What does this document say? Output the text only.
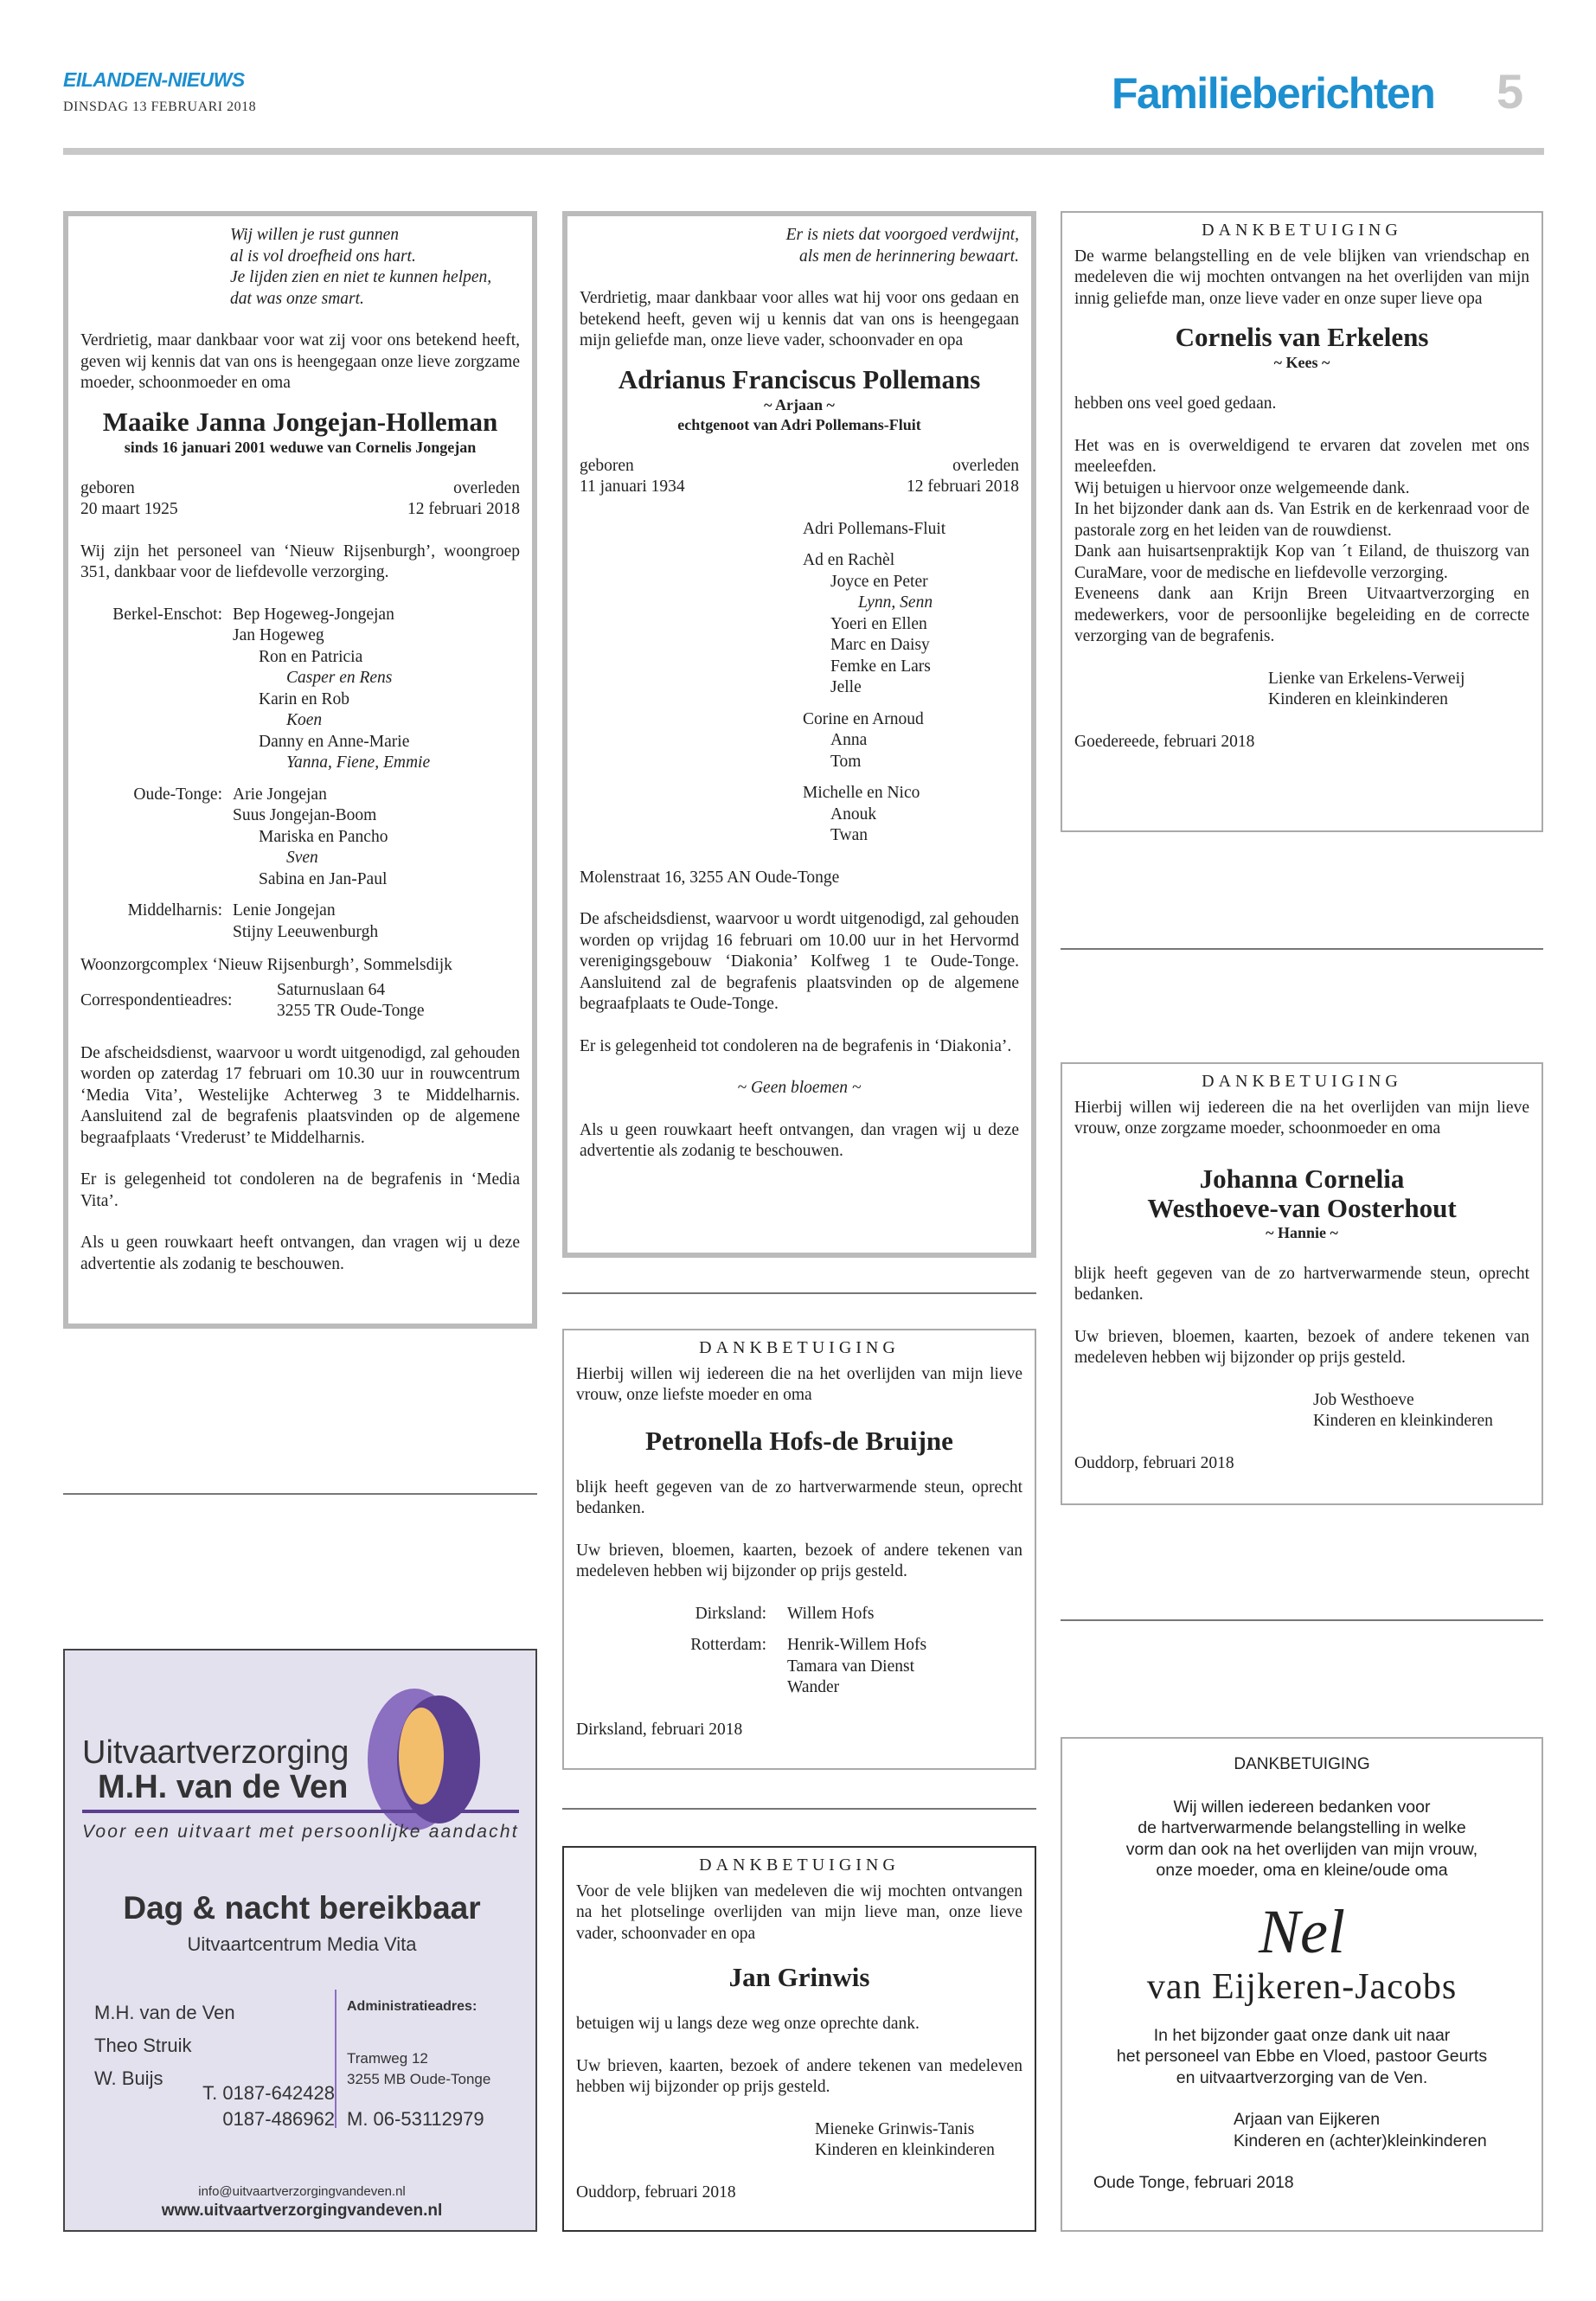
EILANDEN-NIEUWS
DINSDAG 13 FEBRUARI 2018	Familieberichten 5

Wij willen je rust gunnen

al is vol droefheid ons hart.

Je lijden zien en niet te kunnen helpen,

dat was onze smart.

Verdrietig, maar dankbaar voor wat zij voor ons betekend heeft, geven wij kennis dat van ons is heengegaan onze lieve zorgzame moeder, schoonmoeder en oma

Maaike Janna Jongejan-Holleman

sinds 16 januari 2001 weduwe van Cornelis Jongejan

geboren	overleden
20 maart 1925	12 februari 2018

Wij zijn het personeel van ‘Nieuw Rijsenburgh’, woongroep 351, dankbaar voor de liefdevolle verzorging.

Berkel-Enschot: Bep Hogeweg-Jongejan
Jan Hogeweg
Ron en Patricia
Casper en Rens
Karin en Rob
Koen
Danny en Anne-Marie
Yanna, Fiene, Emmie
Oude-Tonge: Arie Jongejan
Suus Jongejan-Boom
Mariska en Pancho
Sven
Sabina en Jan-Paul
Middelharnis: Lenie Jongejan
Stijny Leeuwenburgh

Woonzorgcomplex ‘Nieuw Rijsenburgh’, Sommelsdijk

Correspondentieadres:	
Saturnuslaan 64
3255 TR Oude-Tonge

De afscheidsdienst, waarvoor u wordt uitgenodigd, zal gehouden worden op zaterdag 17 februari om 10.30 uur in rouwcentrum ‘Media Vita’, Westelijke Achterweg 3 te Middelharnis. Aansluitend zal de begrafenis plaatsvinden op de algemene begraafplaats ‘Vrederust’ te Middelharnis.

Er is gelegenheid tot condoleren na de begrafenis in ‘Media Vita’.

Als u geen rouwkaart heeft ontvangen, dan vragen wij u deze advertentie als zodanig te beschouwen.

Er is niets dat voorgoed verdwijnt,

als men de herinnering bewaart.

Verdrietig, maar dankbaar voor alles wat hij voor ons gedaan en betekend heeft, geven wij u kennis dat van ons is heengegaan mijn geliefde man, onze lieve vader, schoonvader en opa

Adrianus Franciscus Pollemans

~ Arjaan ~

echtgenoot van Adri Pollemans-Fluit

geboren	overleden
11 januari 1934	12 februari 2018
Adri Pollemans-Fluit
Ad en Rachèl
Joyce en Peter
Lynn, Senn
Yoeri en Ellen
Marc en Daisy
Femke en Lars
Jelle
Corine en Arnoud
Anna
Tom
Michelle en Nico
Anouk
Twan

Molenstraat 16, 3255 AN Oude-Tonge

De afscheidsdienst, waarvoor u wordt uitgenodigd, zal gehouden worden op vrijdag 16 februari om 10.00 uur in het Hervormd verenigingsgebouw ‘Diakonia’ Kolfweg 1 te Oude-Tonge. Aansluitend zal de begrafenis plaatsvinden op de algemene begraafplaats te Oude-Tonge.

Er is gelegenheid tot condoleren na de begrafenis in ‘Diakonia’.

~ Geen bloemen ~

Als u geen rouwkaart heeft ontvangen, dan vragen wij u deze advertentie als zodanig te beschouwen.

DANKBETUIGING

De warme belangstelling en de vele blijken van vriendschap en medeleven die wij mochten ontvangen na het overlijden van mijn innig geliefde man, onze lieve vader en onze super lieve opa

Cornelis van Erkelens

~ Kees ~

hebben ons veel goed gedaan.

Het was en is overweldigend te ervaren dat zovelen met ons meeleefden.

Wij betuigen u hiervoor onze welgemeende dank.

In het bijzonder dank aan ds. Van Estrik en de kerkenraad voor de pastorale zorg en het leiden van de rouwdienst.

Dank aan huisartsenpraktijk Kop van ´t Eiland, de thuiszorg van CuraMare, voor de medische en liefdevolle verzorging.

Eveneens dank aan Krijn Breen Uitvaartverzorging en medewerkers, voor de persoonlijke begeleiding en de correcte verzorging van de begrafenis.

Lienke van Erkelens-Verweij

Kinderen en kleinkinderen

Goedereede, februari 2018

DANKBETUIGING

Hierbij willen wij iedereen die na het overlijden van mijn lieve vrouw, onze zorgzame moeder, schoonmoeder en oma

Johanna Cornelia

Westhoeve-van Oosterhout

~ Hannie ~

blijk heeft gegeven van de zo hartverwarmende steun, oprecht bedanken.

Uw brieven, bloemen, kaarten, bezoek of andere tekenen van medeleven hebben wij bijzonder op prijs gesteld.

Job Westhoeve

Kinderen en kleinkinderen

Ouddorp, februari 2018

DANKBETUIGING

Hierbij willen wij iedereen die na het overlijden van mijn lieve vrouw, onze liefste moeder en oma

Petronella Hofs-de Bruijne

blijk heeft gegeven van de zo hartverwarmende steun, oprecht bedanken.

Uw brieven, bloemen, kaarten, bezoek of andere tekenen van medeleven hebben wij bijzonder op prijs gesteld.

Dirksland:	Willem Hofs

Rotterdam:	Henrik-Willem Hofs
Tamara van Dienst
Wander

Dirksland, februari 2018

DANKBETUIGING

Voor de vele blijken van medeleven die wij mochten ontvangen na het plotselinge overlijden van mijn lieve man, onze lieve vader, schoonvader en opa

Jan Grinwis

betuigen wij u langs deze weg onze oprechte dank.

Uw brieven, kaarten, bezoek of andere tekenen van medeleven hebben wij bijzonder op prijs gesteld.

Mieneke Grinwis-Tanis

Kinderen en kleinkinderen

Ouddorp, februari 2018

DANKBETUIGING

Wij willen iedereen bedanken voor

de hartverwarmende belangstelling in welke

vorm dan ook na het overlijden van mijn vrouw,

onze moeder, oma en kleine/oude oma

Nel

van Eijkeren-Jacobs

In het bijzonder gaat onze dank uit naar

het personeel van Ebbe en Vloed, pastoor Geurts

en uitvaartverzorging van de Ven.

Arjaan van Eijkeren

Kinderen en (achter)kleinkinderen

Oude Tonge, februari 2018

Uitvaartverzorging
M.H. van de Ven
Voor een uitvaart met persoonlijke aandacht
Dag & nacht bereikbaar
Uitvaartcentrum Media Vita
M.H. van de Ven
Theo Struik
W. Buijs
T. 0187-642428
0187-486962
Administratieadres:
Tramweg 12
3255 MB Oude-Tonge
M. 06-53112979
info@uitvaartverzorgingvandeven.nl
www.uitvaartverzorgingvandeven.nl
